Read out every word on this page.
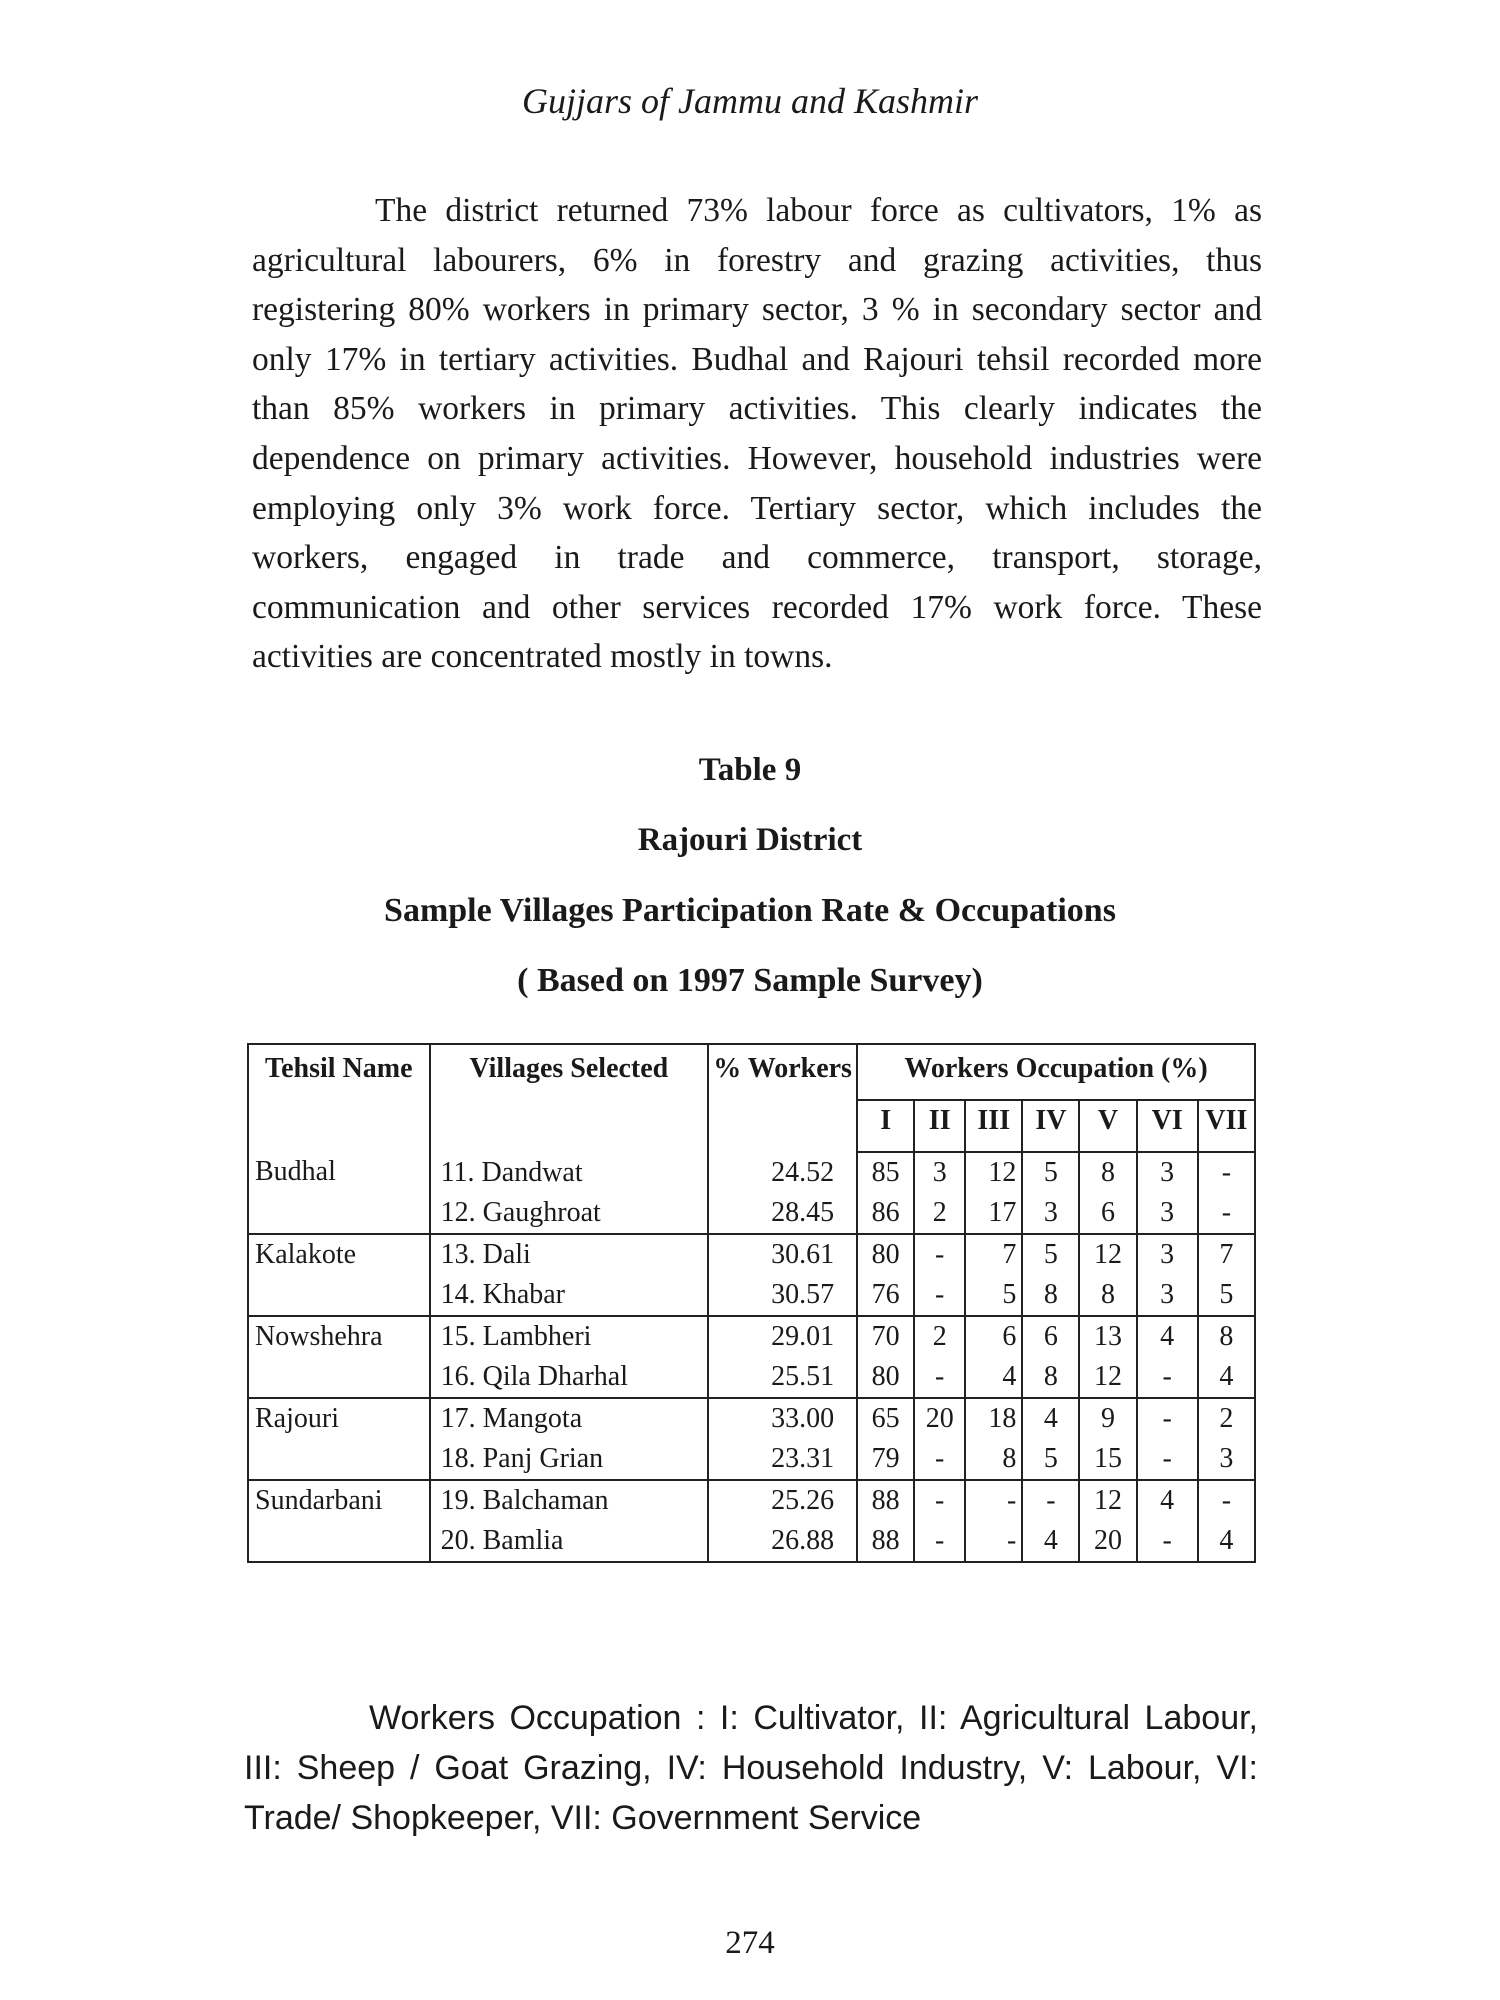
Gujjars of Jammu and Kashmir

The district returned 73% labour force as cultivators, 1% as agricultural labourers, 6% in forestry and grazing activities, thus registering 80% workers in primary sector, 3 % in secondary sector and only 17% in tertiary activities. Budhal and Rajouri tehsil recorded more than 85% workers in primary activities. This clearly indicates the dependence on primary activities. However, household industries were employing only 3% work force. Tertiary sector, which includes the workers, engaged in trade and commerce, transport, storage, communication and other services recorded 17% work force. These activities are concentrated mostly in towns.

Table 9
Rajouri District
Sample Villages Participation Rate & Occupations
( Based on 1997 Sample Survey)
Tehsil Name	Villages Selected	% Workers	Workers Occupation (%)						
			I	II	III	IV	V	VI	VII
Budhal	11. Dandwat	24.52	85	3	12	5	8	3	-
	12. Gaughroat	28.45	86	2	17	3	6	3	-
Kalakote	13. Dali	30.61	80	-	7	5	12	3	7
	14. Khabar	30.57	76	-	5	8	8	3	5
Nowshehra	15. Lambheri	29.01	70	2	6	6	13	4	8
	16. Qila Dharhal	25.51	80	-	4	8	12	-	4
Rajouri	17. Mangota	33.00	65	20	18	4	9	-	2
	18. Panj Grian	23.31	79	-	8	5	15	-	3
Sundarbani	19. Balchaman	25.26	88	-	-	-	12	4	-
	20. Bamlia	26.88	88	-	-	4	20	-	4

Workers Occupation : I: Cultivator, II: Agricultural Labour, III: Sheep / Goat Grazing, IV: Household Industry, V: Labour, VI: Trade/ Shopkeeper, VII: Government Service

274
